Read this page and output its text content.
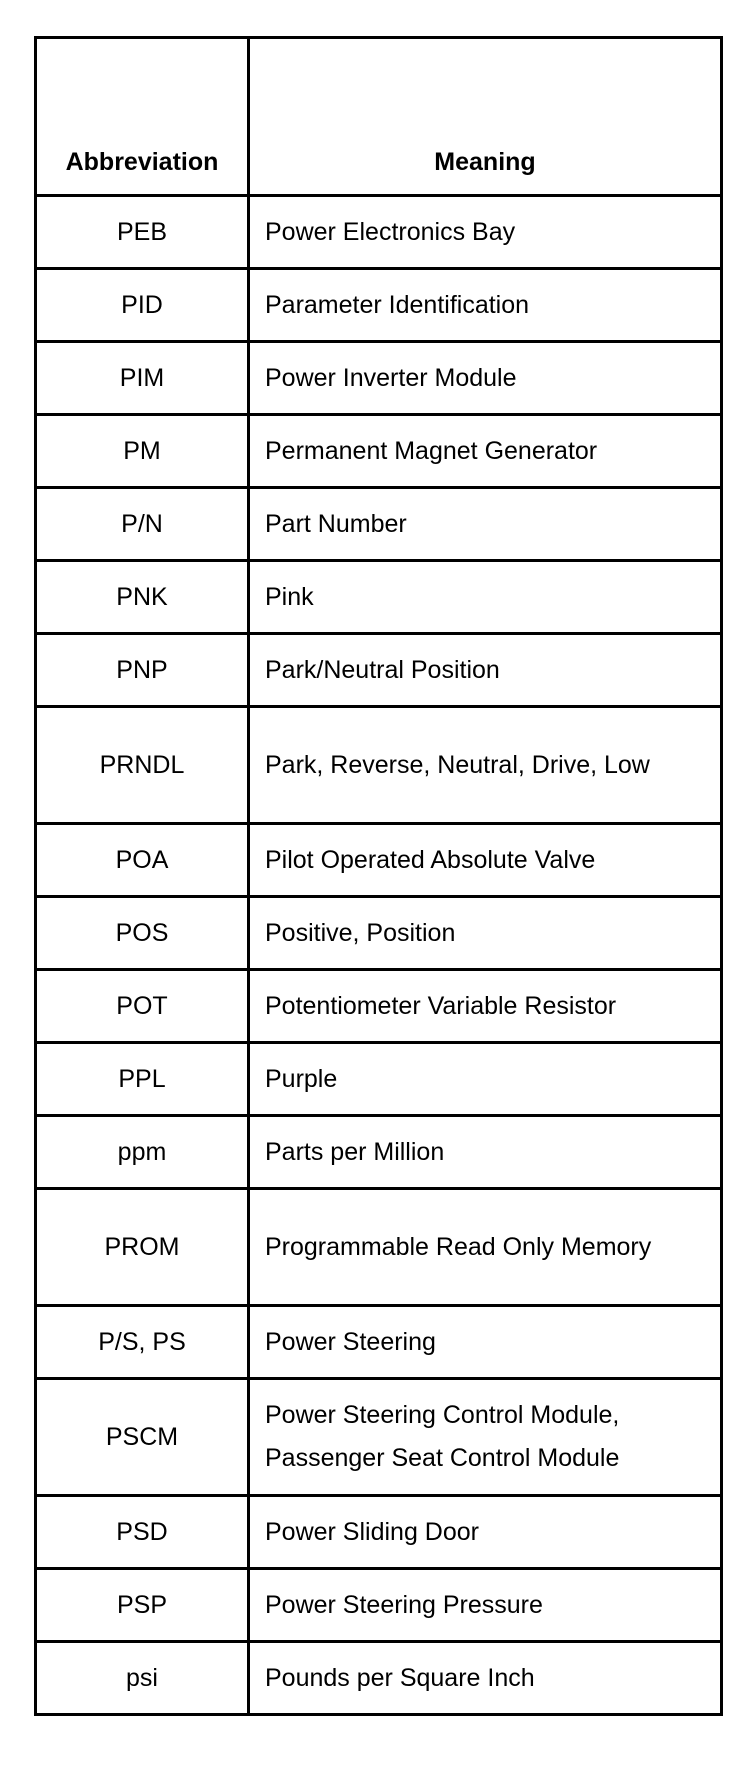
Abbreviation	Meaning
PEB	Power Electronics Bay
PID	Parameter Identification
PIM	Power Inverter Module
PM	Permanent Magnet Generator
P/N	Part Number
PNK	Pink
PNP	Park/Neutral Position
PRNDL	Park, Reverse, Neutral, Drive, Low
POA	Pilot Operated Absolute Valve
POS	Positive, Position
POT	Potentiometer Variable Resistor
PPL	Purple
ppm	Parts per Million
PROM	Programmable Read Only Memory
P/S, PS	Power Steering
PSCM	Power Steering Control Module, Passenger Seat Control Module
PSD	Power Sliding Door
PSP	Power Steering Pressure
psi	Pounds per Square Inch
